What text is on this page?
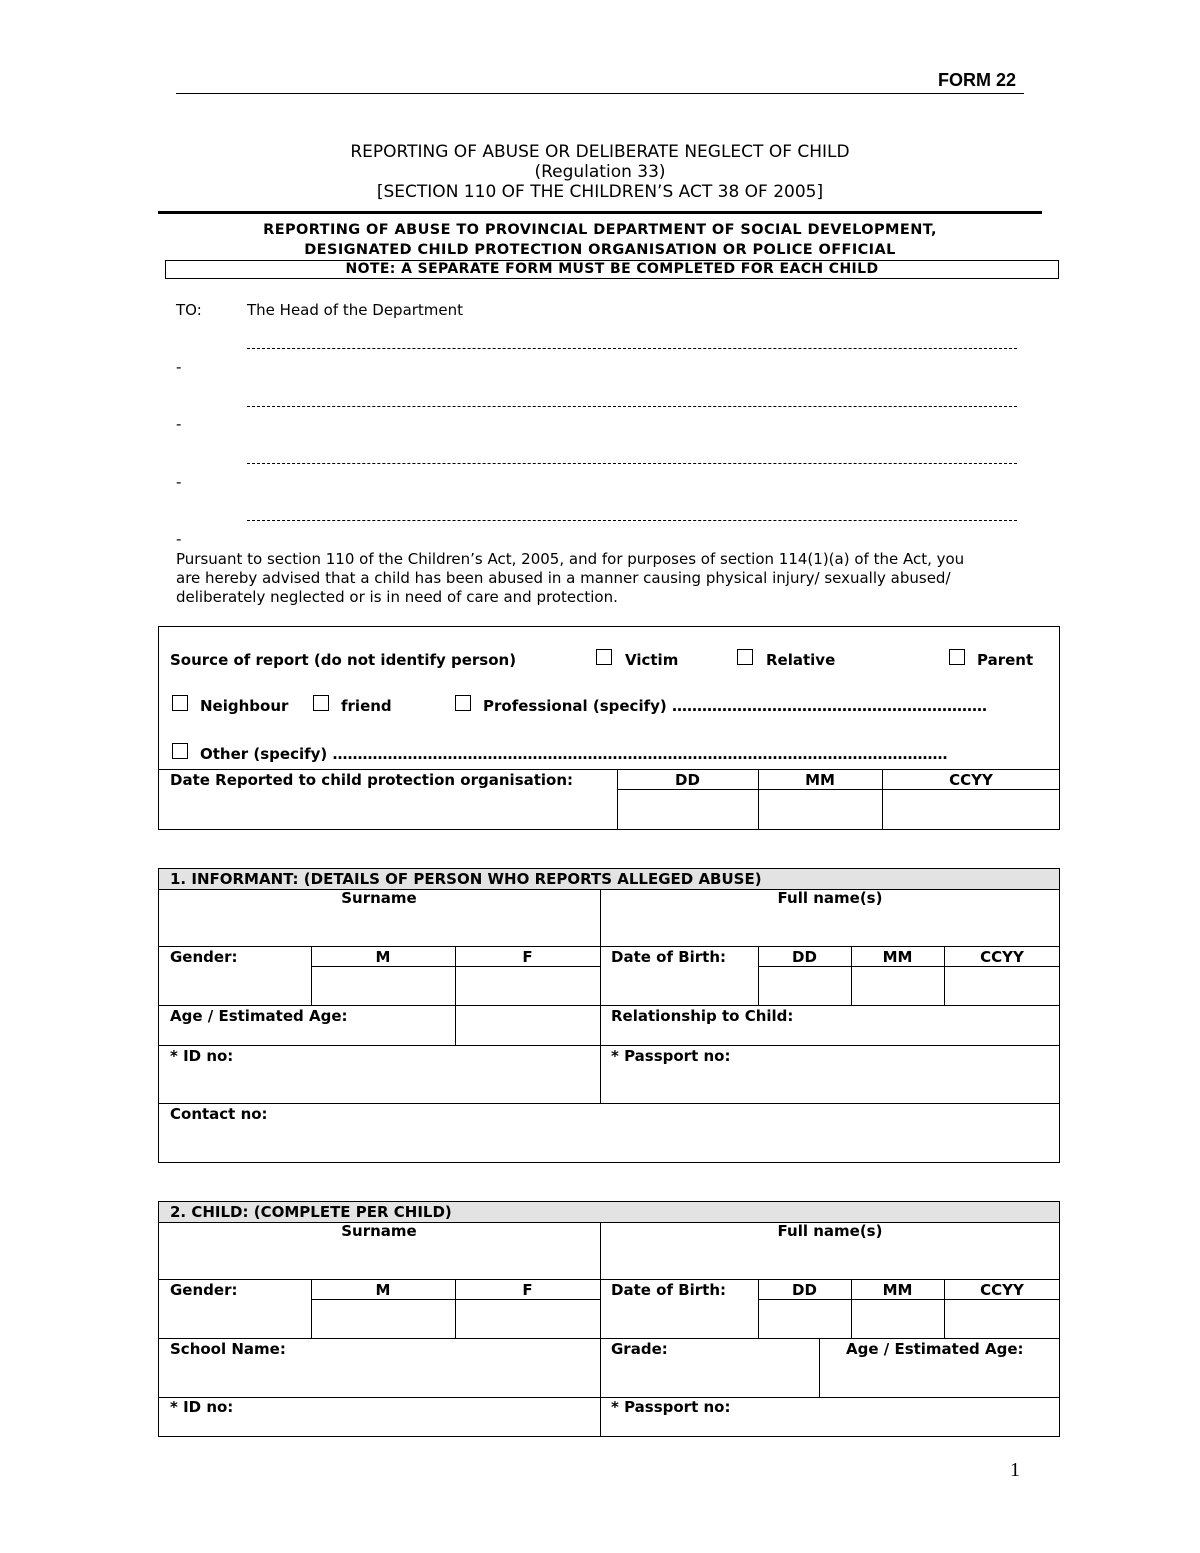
FORM 22
REPORTING OF ABUSE OR DELIBERATE NEGLECT OF CHILD
(Regulation 33)
[SECTION 110 OF THE CHILDREN’S ACT 38 OF 2005]
REPORTING OF ABUSE TO PROVINCIAL DEPARTMENT OF SOCIAL DEVELOPMENT,
DESIGNATED CHILD PROTECTION ORGANISATION OR POLICE OFFICIAL
NOTE: A SEPARATE FORM MUST BE COMPLETED FOR EACH CHILD
TO:	The Head of the Department
-
-
-
-
Pursuant to section 110 of the Children’s Act, 2005, and for purposes of section 114(1)(a) of the Act, you
are hereby advised that a child has been abused in a manner causing physical injury/ sexually abused/
deliberately neglected or is in need of care and protection.
Source of report (do not identify person)	Victim	Relative	Parent
Neighbour	friend	Professional (specify) ………………………………………………………
Other (specify) ……………………………………………………………………………………………………………
Date Reported to child protection organisation:	DD	MM	CCYY
1. INFORMANT: (DETAILS OF PERSON WHO REPORTS ALLEGED ABUSE)
Surname	Full name(s)
Gender:	M	F	Date of Birth:	DD	MM	CCYY
Age / Estimated Age:	Relationship to Child:
* ID no:	* Passport no:
Contact no:
2. CHILD: (COMPLETE PER CHILD)
Surname	Full name(s)
Gender:	M	F	Date of Birth:	DD	MM	CCYY
School Name:	Grade:	Age / Estimated Age:
* ID no:	* Passport no:
1
